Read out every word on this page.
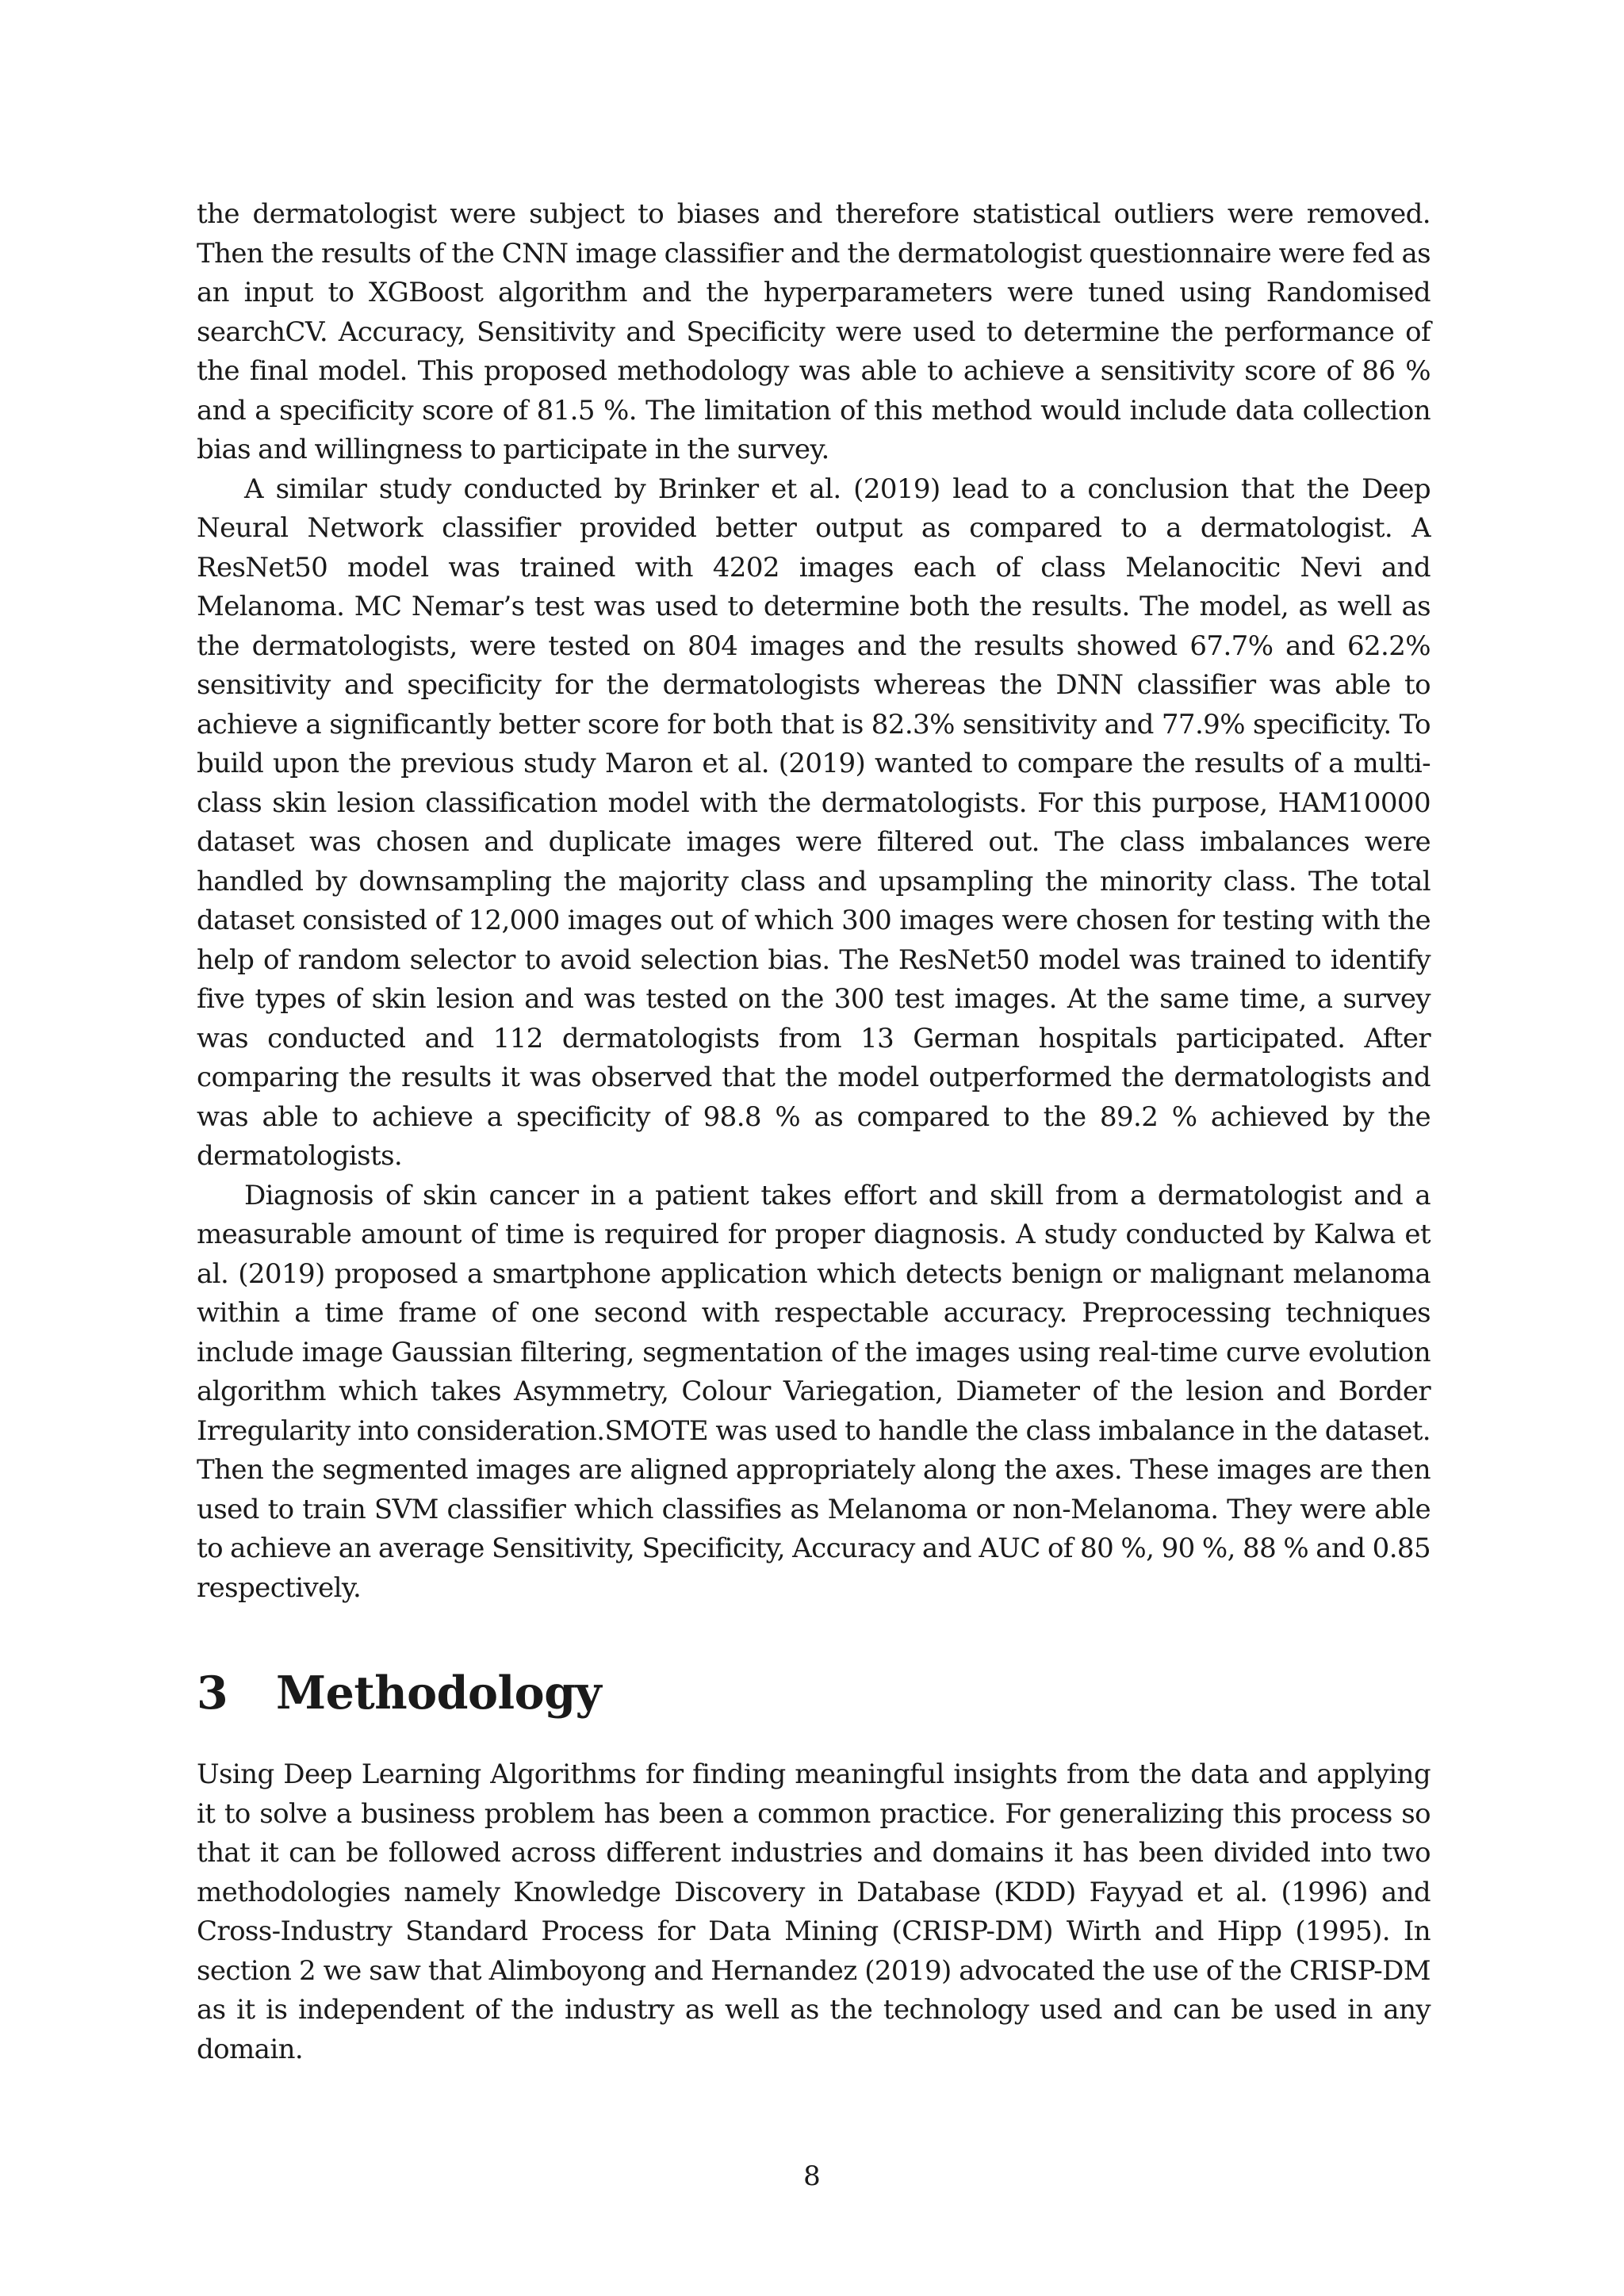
the dermatologist were subject to biases and therefore statistical outliers were removed. Then the results of the CNN image classifier and the dermatologist questionnaire were fed as an input to XGBoost algorithm and the hyperparameters were tuned using Randomised searchCV. Accuracy, Sensitivity and Specificity were used to determine the performance of the final model. This proposed methodology was able to achieve a sensitivity score of 86 % and a specificity score of 81.5 %. The limitation of this method would include data collection bias and willingness to participate in the survey.

A similar study conducted by Brinker et al. (2019) lead to a conclusion that the Deep Neural Network classifier provided better output as compared to a dermatologist. A ResNet50 model was trained with 4202 images each of class Melanocitic Nevi and Melanoma. MC Nemar’s test was used to determine both the results. The model, as well as the dermatologists, were tested on 804 images and the results showed 67.7% and 62.2% sensitivity and specificity for the dermatologists whereas the DNN classifier was able to achieve a significantly better score for both that is 82.3% sensitivity and 77.9% specificity. To build upon the previous study Maron et al. (2019) wanted to compare the results of a multi-class skin lesion classification model with the dermatologists. For this purpose, HAM10000 dataset was chosen and duplicate images were filtered out. The class imbalances were handled by downsampling the majority class and upsampling the minority class. The total dataset consisted of 12,000 images out of which 300 images were chosen for testing with the help of random selector to avoid selection bias. The ResNet50 model was trained to identify five types of skin lesion and was tested on the 300 test images. At the same time, a survey was conducted and 112 dermatologists from 13 German hospitals participated. After comparing the results it was observed that the model outperformed the dermatologists and was able to achieve a specificity of 98.8 % as compared to the 89.2 % achieved by the dermatologists.

Diagnosis of skin cancer in a patient takes effort and skill from a dermatologist and a measurable amount of time is required for proper diagnosis. A study conducted by Kalwa et al. (2019) proposed a smartphone application which detects benign or malignant melanoma within a time frame of one second with respectable accuracy. Preprocessing techniques include image Gaussian filtering, segmentation of the images using real-time curve evolution algorithm which takes Asymmetry, Colour Variegation, Diameter of the lesion and Border Irregularity into consideration.SMOTE was used to handle the class imbalance in the dataset. Then the segmented images are aligned appropriately along the axes. These images are then used to train SVM classifier which classifies as Melanoma or non-Melanoma. They were able to achieve an average Sensitivity, Specificity, Accuracy and AUC of 80 %, 90 %, 88 % and 0.85 respectively.

3 Methodology

Using Deep Learning Algorithms for finding meaningful insights from the data and applying it to solve a business problem has been a common practice. For generalizing this process so that it can be followed across different industries and domains it has been divided into two methodologies namely Knowledge Discovery in Database (KDD) Fayyad et al. (1996) and Cross-Industry Standard Process for Data Mining (CRISP-DM) Wirth and Hipp (1995). In section 2 we saw that Alimboyong and Hernandez (2019) advocated the use of the CRISP-DM as it is independent of the industry as well as the technology used and can be used in any domain.

8
